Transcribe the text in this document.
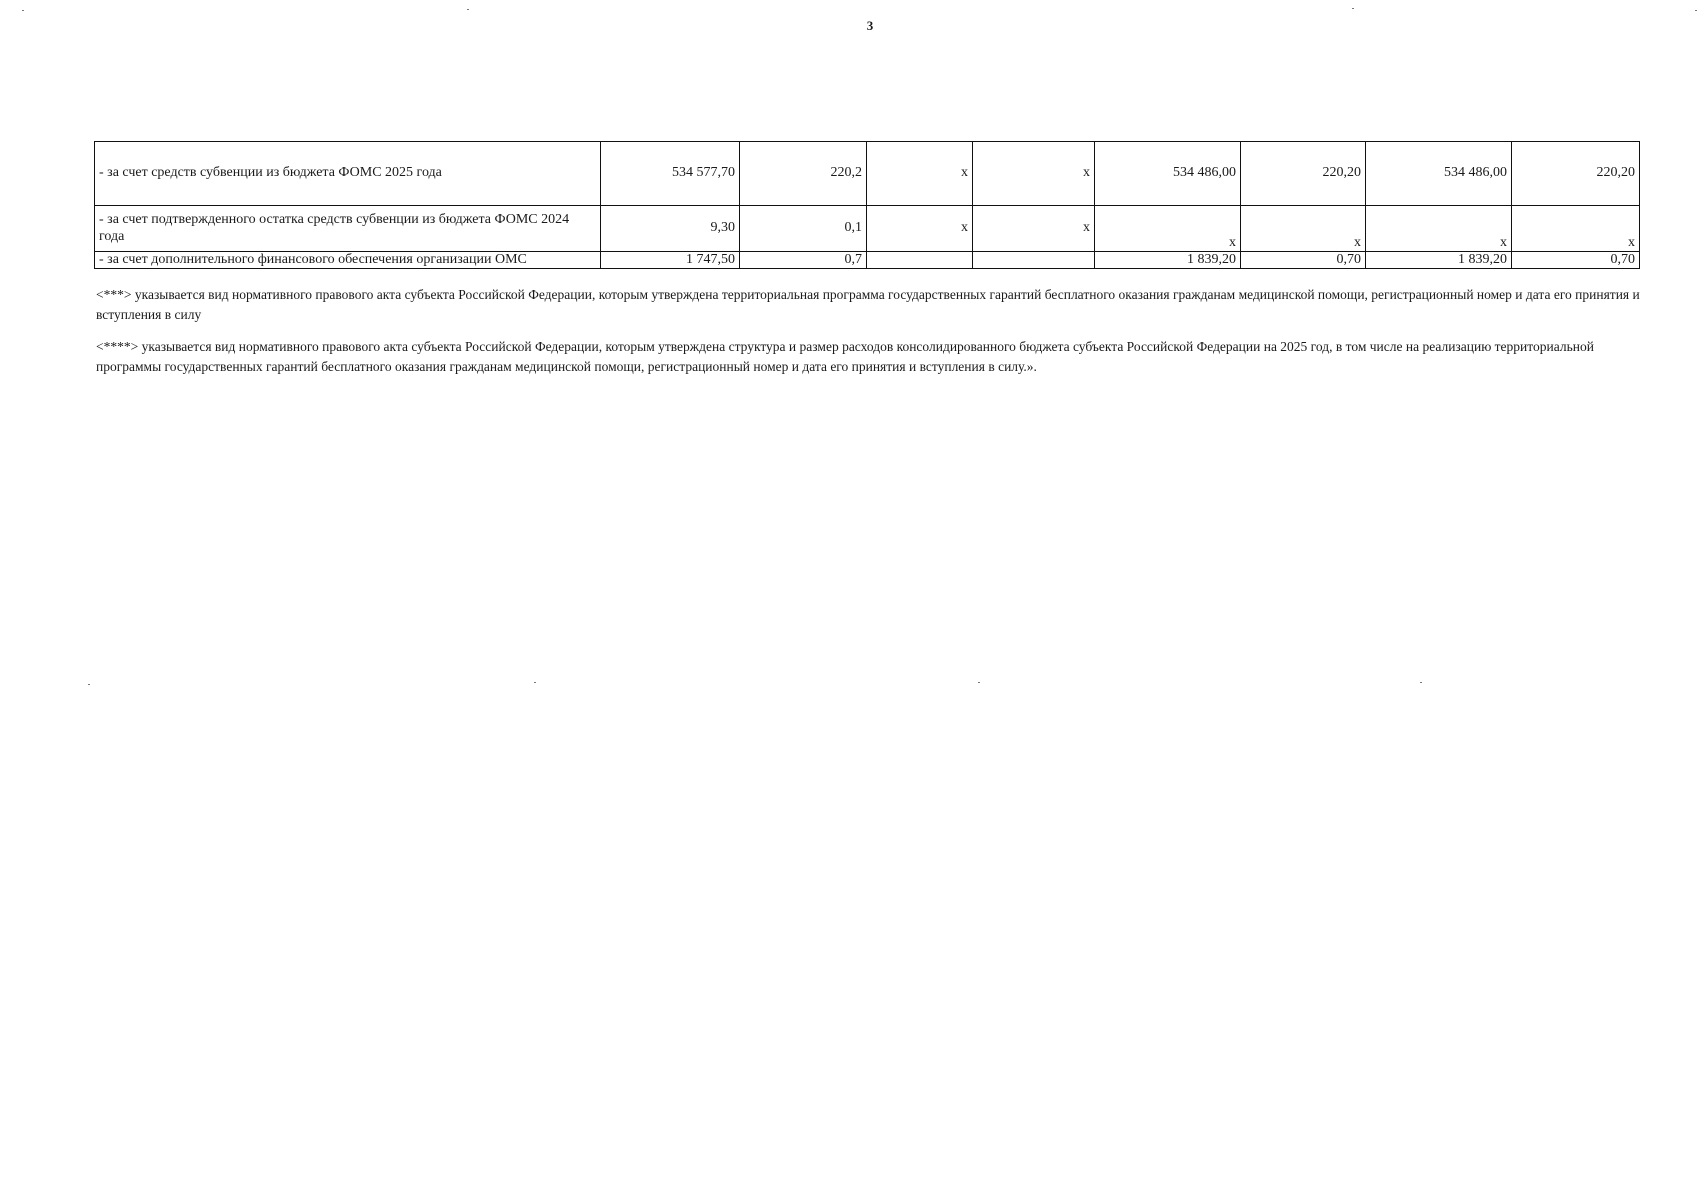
3
- за счет средств субвенции из бюджета ФОМС 2025 года	534 577,70	220,2	x	x	534 486,00	220,20	534 486,00	220,20
- за счет подтвержденного остатка средств субвенции из бюджета ФОМС 2024 года	9,30	0,1	x	x	x	x	x	x
- за счет дополнительного финансового обеспечения организации ОМС	1 747,50	0,7			1 839,20	0,70	1 839,20	0,70

<***> указывается вид нормативного правового акта субъекта Российской Федерации, которым утверждена территориальная программа государственных гарантий бесплатного оказания гражданам медицинской помощи, регистрационный номер и дата его принятия и вступления в силу

<****> указывается вид нормативного правового акта субъекта Российской Федерации, которым утверждена структура и размер расходов консолидированного бюджета субъекта Российской Федерации на 2025 год, в том числе на реализацию территориальной программы государственных гарантий бесплатного оказания гражданам медицинской помощи, регистрационный номер и дата его принятия и вступления в силу.».
